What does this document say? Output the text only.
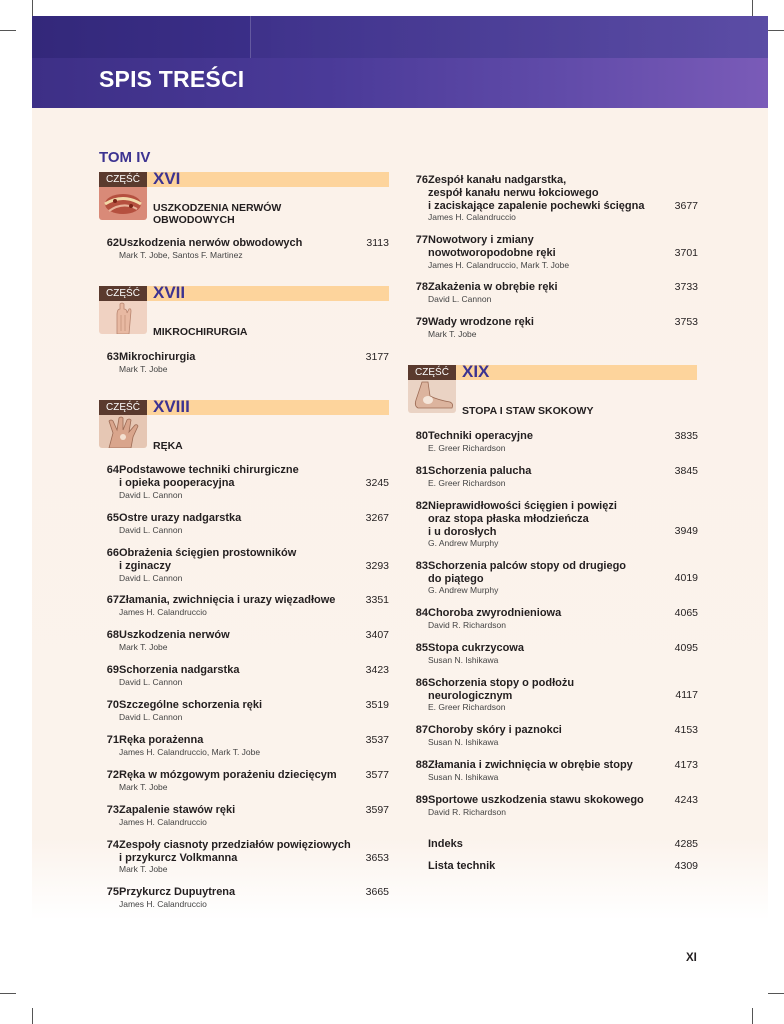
SPIS TREŚCI
TOM IV
CZĘŚĆ XVI
USZKODZENIA NERWÓW
OBWODOWYCH
CZĘŚĆ XVII
MIKROCHIRURGIA
CZĘŚĆ XVIII
RĘKA
CZĘŚĆ XIX
STOPA I STAW SKOKOWY
62 Uszkodzenia nerwów obwodowych
Mark T. Jobe, Santos F. Martinez
3113
63 Mikrochirurgia
Mark T. Jobe
3177
64 Podstawowe techniki chirurgiczne
i opieka pooperacyjna
David L. Cannon
3245
65 Ostre urazy nadgarstka
David L. Cannon
3267
66 Obrażenia ścięgien prostowników
i zginaczy
David L. Cannon
3293
67 Złamania, zwichnięcia i urazy więzadłowe
James H. Calandruccio
3351
68 Uszkodzenia nerwów
Mark T. Jobe
3407
69 Schorzenia nadgarstka
David L. Cannon
3423
70 Szczególne schorzenia ręki
David L. Cannon
3519
71 Ręka porażenna
James H. Calandruccio, Mark T. Jobe
3537
72 Ręka w mózgowym porażeniu dziecięcym
Mark T. Jobe
3577
73 Zapalenie stawów ręki
James H. Calandruccio
3597
74 Zespoły ciasnoty przedziałów powięziowych
i przykurcz Volkmanna
Mark T. Jobe
3653
75 Przykurcz Dupuytrena
James H. Calandruccio
3665
76 Zespół kanału nadgarstka,
zespół kanału nerwu łokciowego
i zaciskające zapalenie pochewki ścięgna
James H. Calandruccio
3677
77 Nowotwory i zmiany
nowotworopodobne ręki
James H. Calandruccio, Mark T. Jobe
3701
78 Zakażenia w obrębie ręki
David L. Cannon
3733
79 Wady wrodzone ręki
Mark T. Jobe
3753
80 Techniki operacyjne
E. Greer Richardson
3835
81 Schorzenia palucha
E. Greer Richardson
3845
82 Nieprawidłowości ścięgien i powięzi
oraz stopa płaska młodzieńcza
i u dorosłych
G. Andrew Murphy
3949
83 Schorzenia palców stopy od drugiego
do piątego
G. Andrew Murphy
4019
84 Choroba zwyrodnieniowa
David R. Richardson
4065
85 Stopa cukrzycowa
Susan N. Ishikawa
4095
86 Schorzenia stopy o podłożu
neurologicznym
E. Greer Richardson
4117
87 Choroby skóry i paznokci
Susan N. Ishikawa
4153
88 Złamania i zwichnięcia w obrębie stopy
Susan N. Ishikawa
4173
89 Sportowe uszkodzenia stawu skokowego
David R. Richardson
4243
Indeks	4285
Lista technik	4309
XI
